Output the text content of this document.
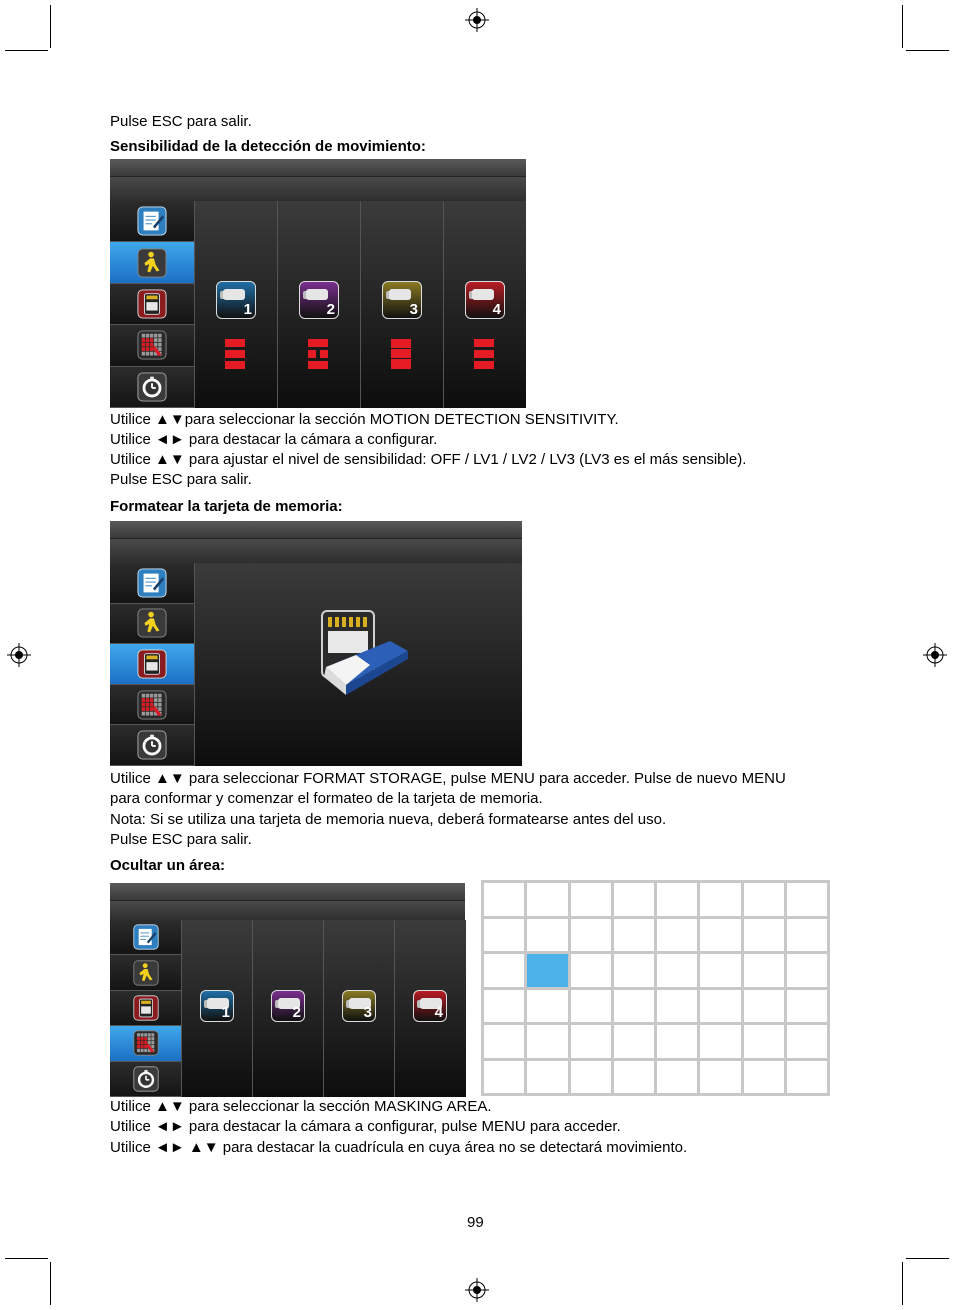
Pulse ESC para salir.
Sensibilidad de la detección de movimiento:
1	2	3	4
Utilice ▲▼para seleccionar la sección MOTION DETECTION SENSITIVITY.
Utilice ◄► para destacar la cámara a configurar.
Utilice ▲▼ para ajustar el nivel de sensibilidad: OFF / LV1 / LV2 / LV3 (LV3 es el más sensible).
Pulse ESC para salir.
Formatear la tarjeta de memoria:
Utilice ▲▼ para seleccionar FORMAT STORAGE, pulse MENU para acceder. Pulse de nuevo MENU
para conformar y comenzar el formateo de la tarjeta de memoria.
Nota: Si se utiliza una tarjeta de memoria nueva, deberá formatearse antes del uso.
Pulse ESC para salir.
Ocultar un área:
1	2	3	4
Utilice ▲▼ para seleccionar la sección MASKING AREA.
Utilice ◄► para destacar la cámara a configurar, pulse MENU para acceder.
Utilice ◄► ▲▼ para destacar la cuadrícula en cuya área no se detectará movimiento.
99
